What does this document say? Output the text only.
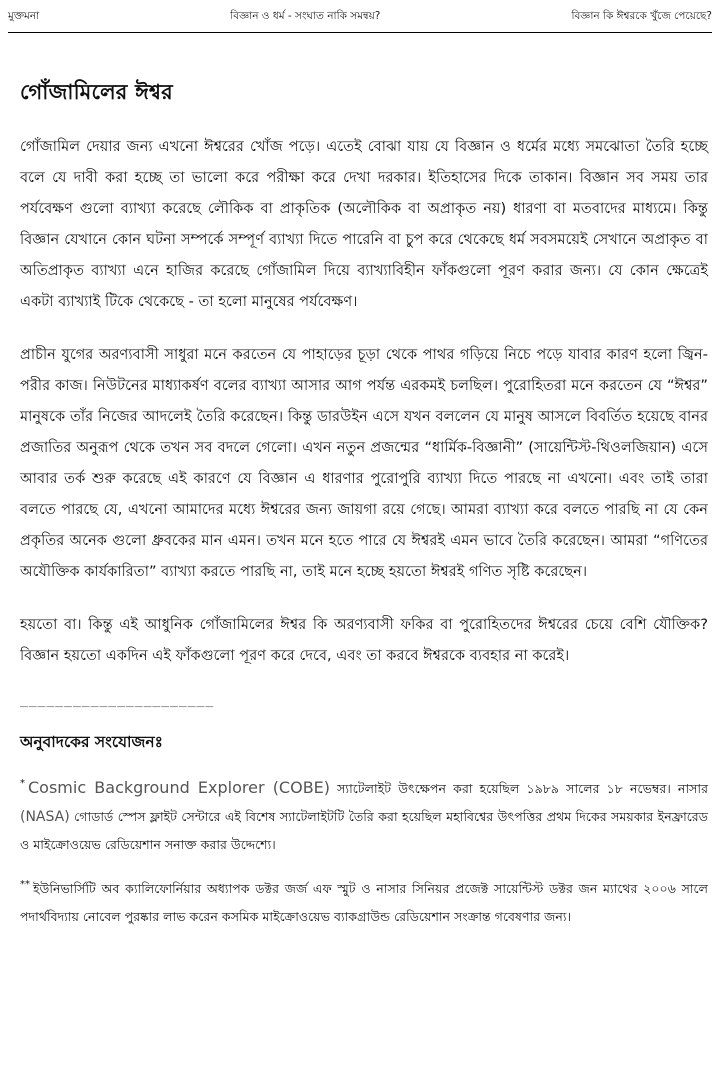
মুক্তমনা	বিজ্ঞান ও ধর্ম - সংঘাত নাকি সমন্বয়?	বিজ্ঞান কি ঈশ্বরকে খুঁজে পেয়েছে?
গোঁজামিলের ঈশ্বর

গোঁজামিল দেয়ার জন্য এখনো ঈশ্বরের খোঁজ পড়ে। এতেই বোঝা যায় যে বিজ্ঞান ও ধর্মের মধ্যে সমঝোতা তৈরি হচ্ছে বলে যে দাবী করা হচ্ছে তা ভালো করে পরীক্ষা করে দেখা দরকার। ইতিহাসের দিকে তাকান। বিজ্ঞান সব সময় তার পর্যবেক্ষণ গুলো ব্যাখ্যা করেছে লৌকিক বা প্রাকৃতিক (অলৌকিক বা অপ্রাকৃত নয়) ধারণা বা মতবাদের মাধ্যমে। কিন্তু বিজ্ঞান যেখানে কোন ঘটনা সম্পর্কে সম্পূর্ণ ব্যাখ্যা দিতে পারেনি বা চুপ করে থেকেছে ধর্ম সবসময়েই সেখানে অপ্রাকৃত বা অতিপ্রাকৃত ব্যাখ্যা এনে হাজির করেছে গোঁজামিল দিয়ে ব্যাখ্যাবিহীন ফাঁকগুলো পূরণ করার জন্য। যে কোন ক্ষেত্রেই একটা ব্যাখ্যাই টিকে থেকেছে - তা হলো মানুষের পর্যবেক্ষণ।

প্রাচীন যুগের অরণ্যবাসী সাধুরা মনে করতেন যে পাহাড়ের চূড়া থেকে পাথর গড়িয়ে নিচে পড়ে যাবার কারণ হলো জ্বিন-পরীর কাজ। নিউটনের মাধ্যাকর্ষণ বলের ব্যাখ্যা আসার আগ পর্যন্ত এরকমই চলছিল। পুরোহিতরা মনে করতেন যে “ঈশ্বর” মানুষকে তাঁর নিজের আদলেই তৈরি করেছেন। কিন্তু ডারউইন এসে যখন বললেন যে মানুষ আসলে বিবর্তিত হয়েছে বানর প্রজাতির অনুরূপ থেকে তখন সব বদলে গেলো। এখন নতুন প্রজন্মের “ধার্মিক-বিজ্ঞানী” (সায়েন্টিস্ট-থিওলজিয়ান) এসে আবার তর্ক শুরু করেছে এই কারণে যে বিজ্ঞান এ ধারণার পুরোপুরি ব্যাখ্যা দিতে পারছে না এখনো। এবং তাই তারা বলতে পারছে যে, এখনো আমাদের মধ্যে ঈশ্বরের জন্য জায়গা রয়ে গেছে। আমরা ব্যাখ্যা করে বলতে পারছি না যে কেন প্রকৃতির অনেক গুলো ধ্রুবকের মান এমন। তখন মনে হতে পারে যে ঈশ্বরই এমন ভাবে তৈরি করেছেন। আমরা “গণিতের অযৌক্তিক কার্যকারিতা” ব্যাখ্যা করতে পারছি না, তাই মনে হচ্ছে হয়তো ঈশ্বরই গণিত সৃষ্টি করেছেন।

হয়তো বা। কিন্তু এই আধুনিক গোঁজামিলের ঈশ্বর কি অরণ্যবাসী ফকির বা পুরোহিতদের ঈশ্বরের চেয়ে বেশি যৌক্তিক? বিজ্ঞান হয়তো একদিন এই ফাঁকগুলো পূরণ করে দেবে, এবং তা করবে ঈশ্বরকে ব্যবহার না করেই।

______________________
অনুবাদকের সংযোজনঃ

* Cosmic Background Explorer (COBE) স্যাটেলাইট উৎক্ষেপন করা হয়েছিল ১৯৮৯ সালের ১৮ নভেম্বর। নাসার (NASA) গোডার্ড স্পেস ফ্লাইট সেন্টারে এই বিশেষ স্যাটেলাইটটি তৈরি করা হয়েছিল মহাবিশ্বের উৎপত্তির প্রথম দিকের সময়কার ইনফ্রারেড ও মাইক্রোওয়েভ রেডিয়েশান সনাক্ত করার উদ্দেশ্যে।

** ইউনিভার্সিটি অব ক্যালিফোর্নিয়ার অধ্যাপক ডক্টর জর্জ এফ স্মুট ও নাসার সিনিয়র প্রজেক্ট সায়েন্টিস্ট ডক্টর জন ম্যাথের ২০০৬ সালে পদার্থবিদ্যায় নোবেল পুরষ্কার লাভ করেন কসমিক মাইক্রোওয়েভ ব্যাকগ্রাউন্ড রেডিয়েশান সংক্রান্ত গবেষণার জন্য।
